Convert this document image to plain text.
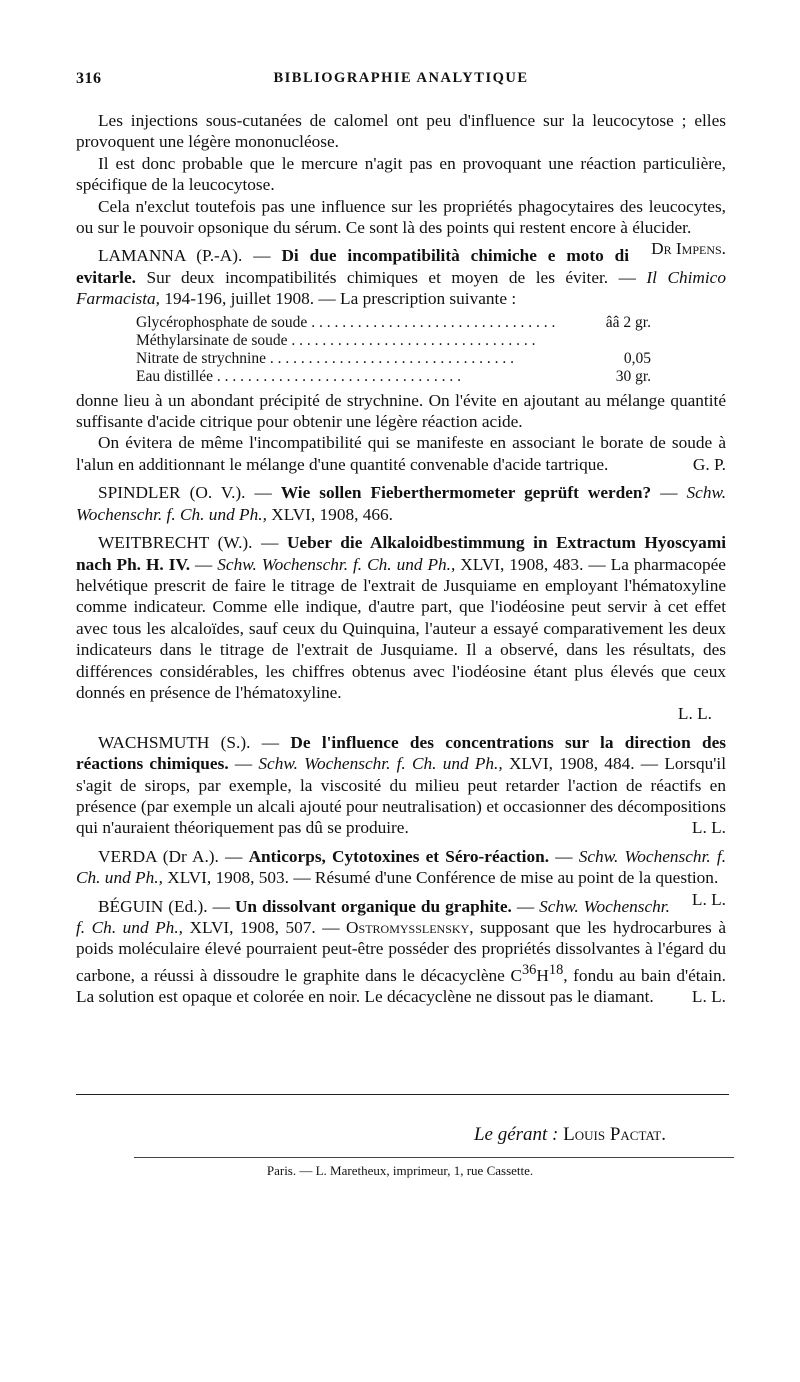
316	BIBLIOGRAPHIE ANALYTIQUE

Les injections sous-cutanées de calomel ont peu d'influence sur la leucocytose ; elles provoquent une légère mononucléose.

Il est donc probable que le mercure n'agit pas en provoquant une réaction particulière, spécifique de la leucocytose.

Cela n'exclut toutefois pas une influence sur les propriétés phagocytaires des leucocytes, ou sur le pouvoir opsonique du sérum. Ce sont là des points qui restent encore à élucider.
Dr Impens.

LAMANNA (P.-A). — Di due incompatibilità chimiche e moto di evitarle. Sur deux incompatibilités chimiques et moyen de les éviter. — Il Chimico Farmacista, 194-196, juillet 1908. — La prescription suivante :

Glycérophosphate de soude . . .	ââ 2 gr.
Méthylarsinate de soude . . .
Nitrate de strychnine . . .	0,05
Eau distillée . . .	30 gr.

donne lieu à un abondant précipité de strychnine. On l'évite en ajoutant au mélange quantité suffisante d'acide citrique pour obtenir une légère réaction acide.

On évitera de même l'incompatibilité qui se manifeste en associant le borate de soude à l'alun en additionnant le mélange d'une quantité convenable d'acide tartrique.	G. P.

SPINDLER (O. V.). — Wie sollen Fieberthermometer geprüft werden? — Schw. Wochenschr. f. Ch. und Ph., XLVI, 1908, 466.

WEITBRECHT (W.). — Ueber die Alkaloidbestimmung in Extractum Hyoscyami nach Ph. H. IV. — Schw. Wochenschr. f. Ch. und Ph., XLVI, 1908, 483. — La pharmacopée helvétique prescrit de faire le titrage de l'extrait de Jusquiame en employant l'hématoxyline comme indicateur. Comme elle indique, d'autre part, que l'iodéosine peut servir à cet effet avec tous les alcaloïdes, sauf ceux du Quinquina, l'auteur a essayé comparativement les deux indicateurs dans le titrage de l'extrait de Jusquiame. Il a observé, dans les résultats, des différences considérables, les chiffres obtenus avec l'iodéosine étant plus élevés que ceux donnés en présence de l'hématoxyline.

L. L.

WACHSMUTH (S.). — De l'influence des concentrations sur la direction des réactions chimiques. — Schw. Wochenschr. f. Ch. und Ph., XLVI, 1908, 484. — Lorsqu'il s'agit de sirops, par exemple, la viscosité du milieu peut retarder l'action de réactifs en présence (par exemple un alcali ajouté pour neutralisation) et occasionner des décompositions qui n'auraient théoriquement pas dû se produire.	L. L.

VERDA (Dr A.). — Anticorps, Cytotoxines et Séro-réaction. — Schw. Wochenschr. f. Ch. und Ph., XLVI, 1908, 503. — Résumé d'une Conférence de mise au point de la question.
L. L.

BÉGUIN (Ed.). — Un dissolvant organique du graphite. — Schw. Wochenschr. f. Ch. und Ph., XLVI, 1908, 507. — Ostromysslensky, supposant que les hydrocarbures à poids moléculaire élevé pourraient peut-être posséder des propriétés dissolvantes à l'égard du carbone, a réussi à dissoudre le graphite dans le décacyclène $C^{36}H^{18}$, fondu au bain d'étain. La solution est opaque et colorée en noir. Le décacyclène ne dissout pas le diamant.	L. L.

Le gérant : Louis Pactat.
Paris. — L. Maretheux, imprimeur, 1, rue Cassette.
